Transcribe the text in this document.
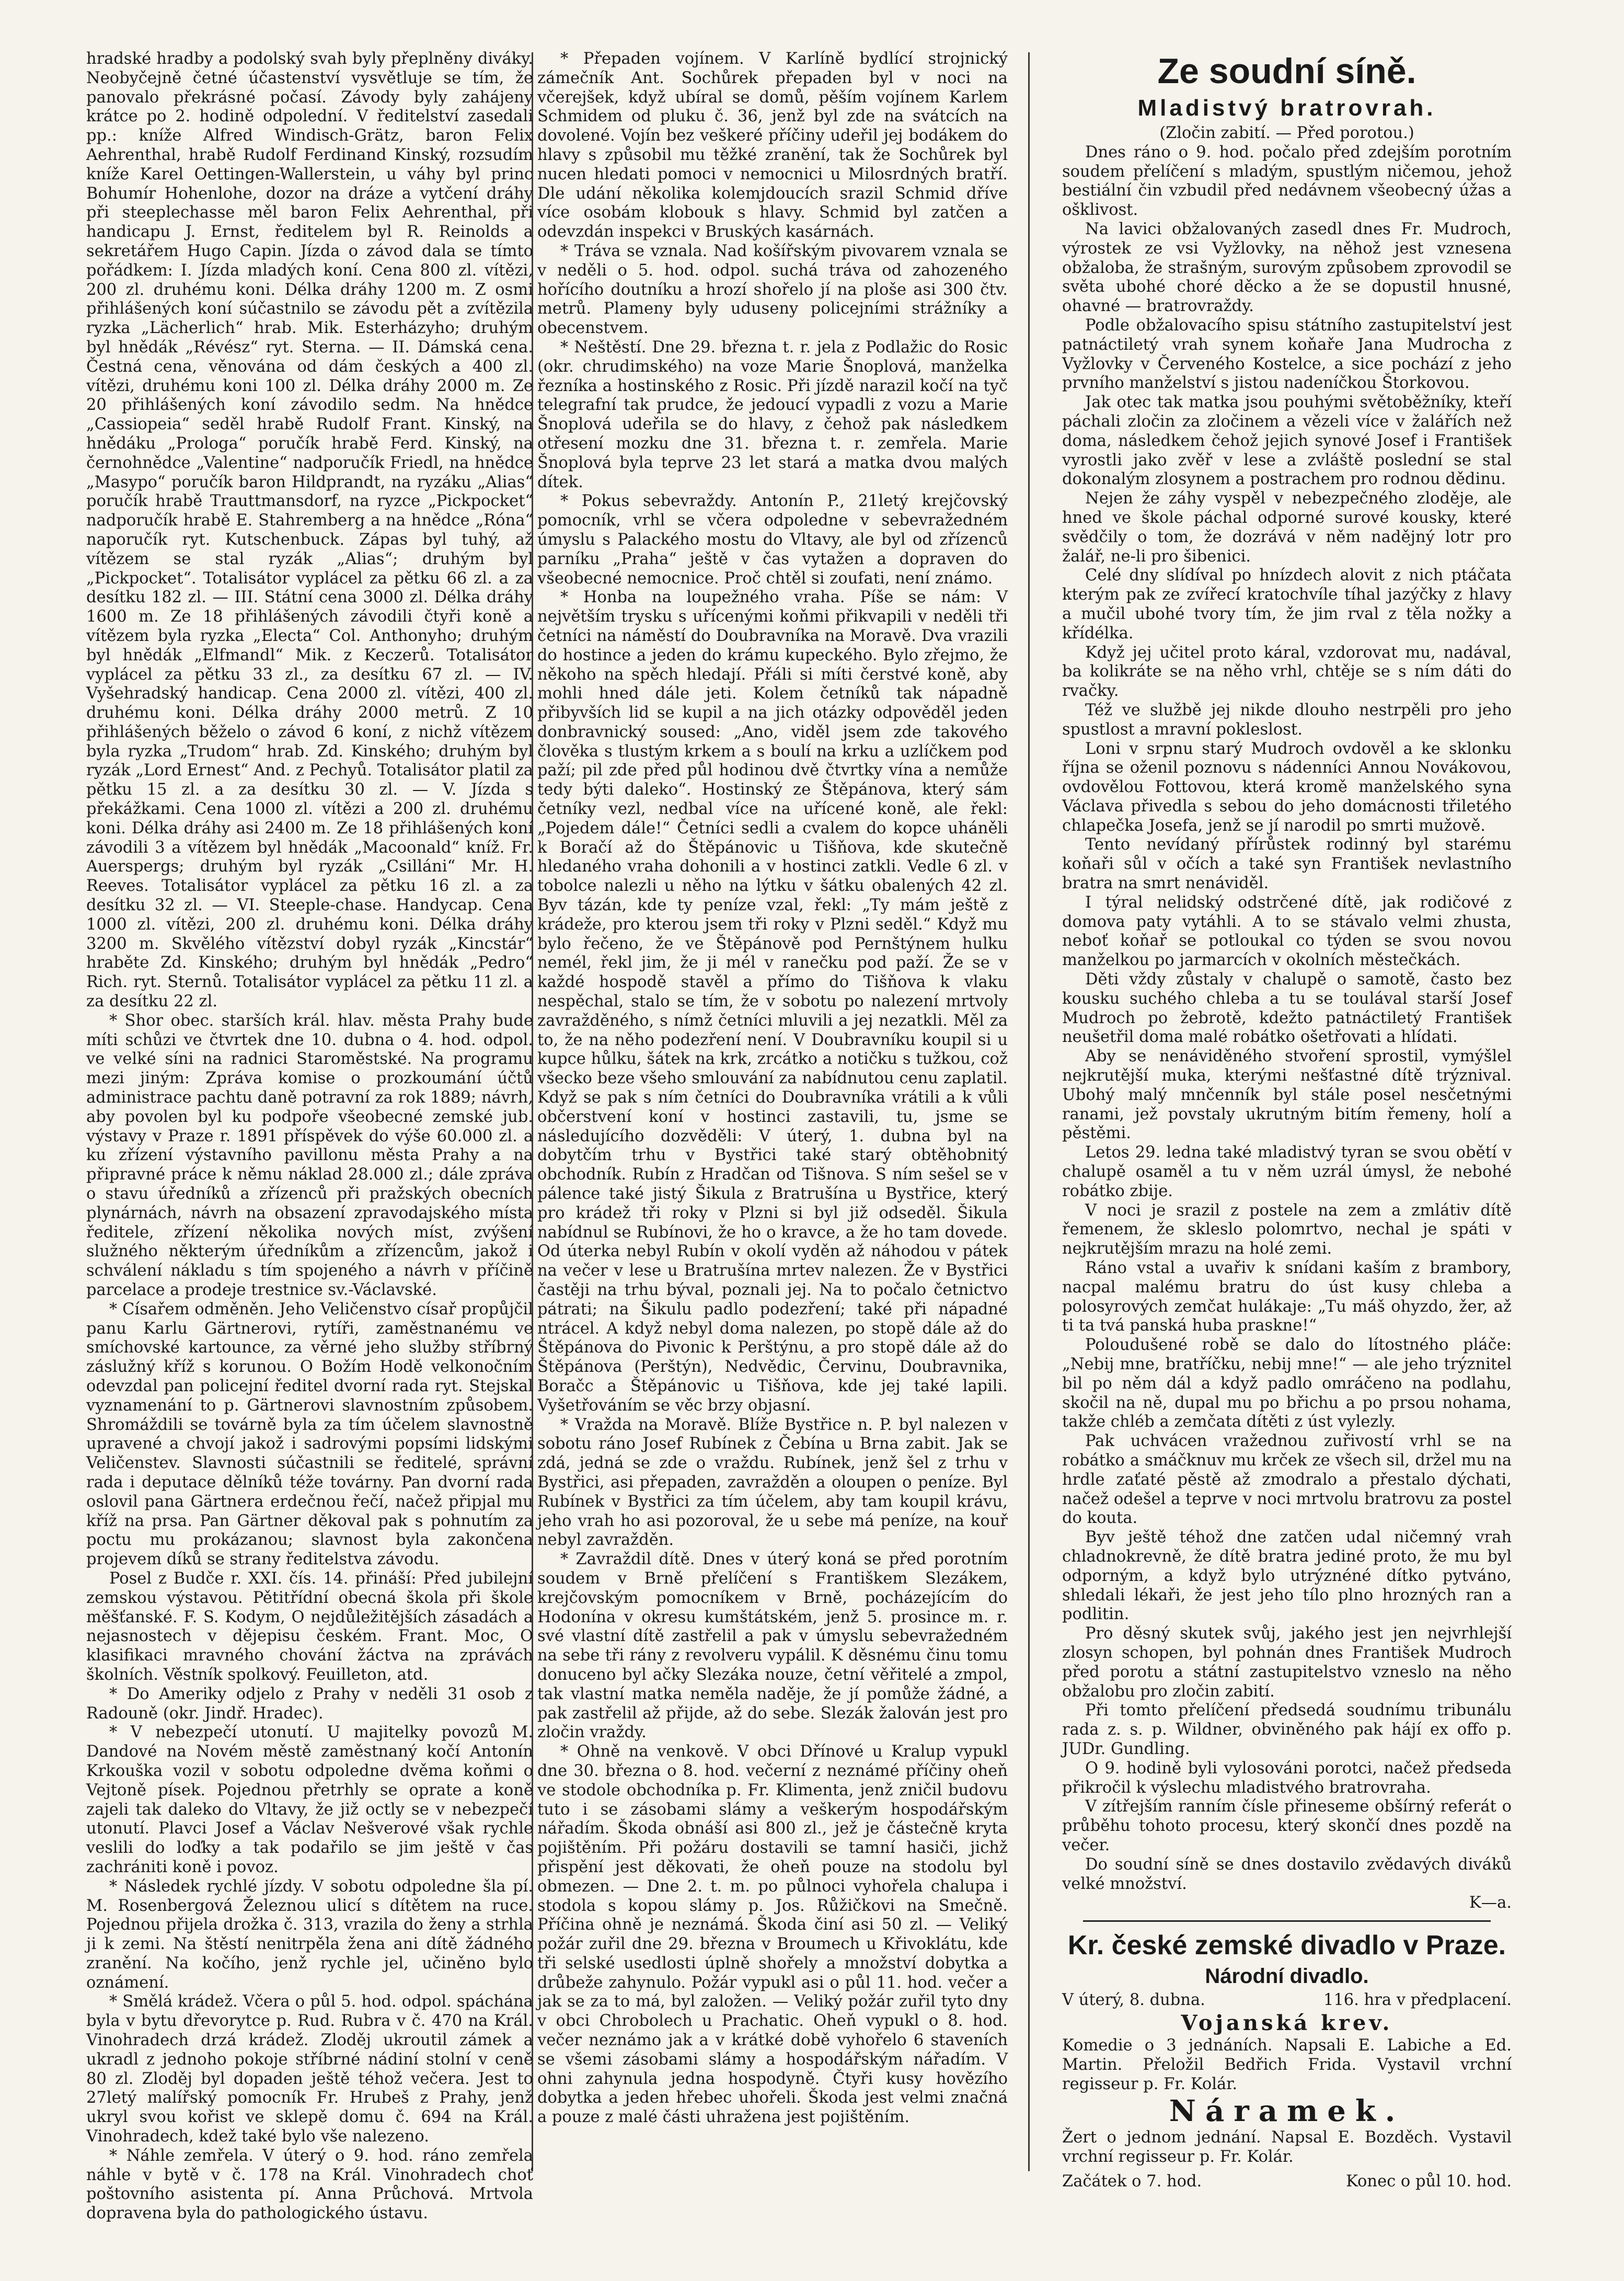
hradské hradby a podolský svah byly přeplněny diváky. Neobyčejně četné účastenství vysvětluje se tím, že panovalo překrásné počasí. Závody byly zahájeny krátce po 2. hodině odpolední. V ředitelství zasedali pp.: kníže Alfred Windisch-Grätz, baron Felix Aehrenthal, hrabě Rudolf Ferdinand Kinský, rozsudím kníže Karel Oettingen-Wallerstein, u váhy byl princ Bohumír Hohenlohe, dozor na dráze a vytčení dráhy při steeplechasse měl baron Felix Aehrenthal, při handicapu J. Ernst, ředitelem byl R. Reinolds a sekretářem Hugo Capin. Jízda o závod dala se tímto pořádkem: I. Jízda mladých koní. Cena 800 zl. vítězi, 200 zl. druhému koni. Délka dráhy 1200 m. Z osmi přihlášených koní súčastnilo se závodu pět a zvítězila ryzka „Lächerlich“ hrab. Mik. Esterházyho; druhým byl hnědák „Révész“ ryt. Sterna. — II. Dámská cena. Čestná cena, věnována od dám českých a 400 zl. vítězi, druhému koni 100 zl. Délka dráhy 2000 m. Ze 20 přihlášených koní závodilo sedm. Na hnědce „Cassiopeia“ seděl hrabě Rudolf Frant. Kinský, na hnědáku „Prologa“ poručík hrabě Ferd. Kinský, na černohnědce „Valentine“ nadporučík Friedl, na hnědce „Masypo“ poručík baron Hildprandt, na ryzáku „Alias“ poručík hrabě Trauttmansdorf, na ryzce „Pickpocket“ nadporučík hrabě E. Stahremberg a na hnědce „Róna“ naporučík ryt. Kutschenbuck. Zápas byl tuhý, až vítězem se stal ryzák „Alias“; druhým byl „Pickpocket“. Totalisátor vyplácel za pětku 66 zl. a za desítku 182 zl. — III. Státní cena 3000 zl. Délka dráhy 1600 m. Ze 18 přihlášených závodili čtyři koně a vítězem byla ryzka „Electa“ Col. Anthonyho; druhým byl hnědák „Elfmandl“ Mik. z Keczerů. Totalisátor vyplácel za pětku 33 zl., za desítku 67 zl. — IV. Vyšehradský handicap. Cena 2000 zl. vítězi, 400 zl. druhému koni. Délka dráhy 2000 metrů. Z 10 přihlášených běželo o závod 6 koní, z nichž vítězem byla ryzka „Trudom“ hrab. Zd. Kinského; druhým byl ryzák „Lord Ernest“ And. z Pechyů. Totalisátor platil za pětku 15 zl. a za desítku 30 zl. — V. Jízda s překážkami. Cena 1000 zl. vítězi a 200 zl. druhému koni. Délka dráhy asi 2400 m. Ze 18 přihlášených koní závodili 3 a vítězem byl hnědák „Macoonald“ kníž. Fr. Auerspergs; druhým byl ryzák „Csilláni“ Mr. H. Reeves. Totalisátor vyplácel za pětku 16 zl. a za desítku 32 zl. — VI. Steeple-chase. Handycap. Cena 1000 zl. vítězi, 200 zl. druhému koni. Délka dráhy 3200 m. Skvělého vítězství dobyl ryzák „Kincstár“ hraběte Zd. Kinského; druhým byl hnědák „Pedro“ Rich. ryt. Sternů. Totalisátor vyplácel za pětku 11 zl. a za desítku 22 zl.

* Shor obec. starších král. hlav. města Prahy bude míti schůzi ve čtvrtek dne 10. dubna o 4. hod. odpol. ve velké síni na radnici Staroměstské. Na programu mezi jiným: Zpráva komise o prozkoumání účtů administrace pachtu daně potravní za rok 1889; návrh, aby povolen byl ku podpoře všeobecné zemské jub. výstavy v Praze r. 1891 příspěvek do výše 60.000 zl. a ku zřízení výstavního pavillonu města Prahy a na připravné práce k němu náklad 28.000 zl.; dále zpráva o stavu úředníků a zřízenců při pražských obecních plynárnách, návrh na obsazení zpravodajského místa ředitele, zřízení několika nových míst, zvýšení služného některým úředníkům a zřízencům, jakož i schválení nákladu s tím spojeného a návrh v příčině parcelace a prodeje trestnice sv.-Václavské.

* Císařem odměněn. Jeho Veličenstvo císař propůjčil panu Karlu Gärtnerovi, rytíři, zaměstnanému ve smíchovské kartounce, za věrné jeho služby stříbrný záslužný kříž s korunou. O Božím Hodě velkonočním odevzdal pan policejní ředitel dvorní rada ryt. Stejskal vyznamenání to p. Gärtnerovi slavnostním způsobem. Shromáždili se továrně byla za tím účelem slavnostně upravené a chvojí jakož i sadrovými popsími lidskými Veličenstev. Slavnosti súčastnili se ředitelé, správní rada i deputace dělníků téže továrny. Pan dvorní rada oslovil pana Gärtnera erdečnou řečí, načež připjal mu kříž na prsa. Pan Gärtner děkoval pak s pohnutím za poctu mu prokázanou; slavnost byla zakončena projevem díků se strany ředitelstva závodu.

Posel z Budče r. XXI. čís. 14. přináší: Před jubilejní zemskou výstavou. Pětitřídní obecná škola při škole měšťanské. F. S. Kodym, O nejdůležitějších zásadách a nejasnostech v dějepisu českém. Frant. Moc, O klasifikaci mravného chování žáctva na zprávách školních. Věstník spolkový. Feuilleton, atd.

* Do Ameriky odjelo z Prahy v neděli 31 osob z Radouně (okr. Jindř. Hradec).

* V nebezpečí utonutí. U majitelky povozů M. Dandové na Novém městě zaměstnaný kočí Antonín Krkouška vozil v sobotu odpoledne dvěma koňmi o Vejtoně písek. Pojednou přetrhly se oprate a koně zajeli tak daleko do Vltavy, že již octly se v nebezpečí utonutí. Plavci Josef a Václav Nešverové však rychle veslili do loďky a tak podařilo se jim ještě v čas zachrániti koně i povoz.

* Následek rychlé jízdy. V sobotu odpoledne šla pí. M. Rosenbergová Železnou ulicí s dítětem na ruce. Pojednou přijela drožka č. 313, vrazila do ženy a strhla ji k zemi. Na štěstí nenitrpěla žena ani dítě žádného zranění. Na kočího, jenž rychle jel, učiněno bylo oznámení.

* Smělá krádež. Včera o půl 5. hod. odpol. spáchána byla v bytu dřevorytce p. Rud. Rubra v č. 470 na Král. Vinohradech drzá krádež. Zloděj ukroutil zámek a ukradl z jednoho pokoje stříbrné nádiní stolní v ceně 80 zl. Zloděj byl dopaden ještě téhož večera. Jest to 27letý malířský pomocník Fr. Hrubeš z Prahy, jenž ukryl svou kořist ve sklepě domu č. 694 na Král. Vinohradech, kdež také bylo vše nalezeno.

* Náhle zemřela. V úterý o 9. hod. ráno zemřela náhle v bytě v č. 178 na Král. Vinohradech choť poštovního asistenta pí. Anna Průchová. Mrtvola dopravena byla do pathologického ústavu.

* Přepaden vojínem. V Karlíně bydlící strojnický zámečník Ant. Sochůrek přepaden byl v noci na včerejšek, když ubíral se domů, pěším vojínem Karlem Schmidem od pluku č. 36, jenž byl zde na svátcích na dovolené. Vojín bez veškeré příčiny udeřil jej bodákem do hlavy s způsobil mu těžké zranění, tak že Sochůrek byl nucen hledati pomoci v nemocnici u Milosrdných bratří. Dle udání několika kolemjdoucích srazil Schmid dříve více osobám klobouk s hlavy. Schmid byl zatčen a odevzdán inspekci v Bruských kasárnách.

* Tráva se vznala. Nad košířským pivovarem vznala se v neděli o 5. hod. odpol. suchá tráva od zahozeného hořícího doutníku a hrozí shořelo jí na ploše asi 300 čtv. metrů. Plameny byly uduseny policejními strážníky a obecenstvem.

* Neštěstí. Dne 29. března t. r. jela z Podlažic do Rosic (okr. chrudimského) na voze Marie Šnoplová, manželka řezníka a hostinského z Rosic. Při jízdě narazil kočí na tyč telegrafní tak prudce, že jedoucí vypadli z vozu a Marie Šnoplová udeřila se do hlavy, z čehož pak následkem otřesení mozku dne 31. března t. r. zemřela. Marie Šnoplová byla teprve 23 let stará a matka dvou malých dítek.

* Pokus sebevraždy. Antonín P., 21letý krejčovský pomocník, vrhl se včera odpoledne v sebevražedném úmyslu s Palackého mostu do Vltavy, ale byl od zřízenců parníku „Praha“ ještě v čas vytažen a dopraven do všeobecné nemocnice. Proč chtěl si zoufati, není známo.

* Honba na loupežného vraha. Píše se nám: V největším trysku s uřícenými koňmi přikvapili v neděli tři četníci na náměstí do Doubravníka na Moravě. Dva vrazili do hostince a jeden do krámu kupeckého. Bylo zřejmo, že někoho na spěch hledají. Přáli si míti čerstvé koně, aby mohli hned dále jeti. Kolem četníků tak nápadně přibyvších lid se kupil a na jich otázky odpověděl jeden donbravnický soused: „Ano, viděl jsem zde takového člověka s tlustým krkem a s boulí na krku a uzlíčkem pod paží; pil zde před půl hodinou dvě čtvrtky vína a nemůže tedy býti daleko“. Hostinský ze Štěpánova, který sám četníky vezl, nedbal více na uřícené koně, ale řekl: „Pojedem dále!“ Četníci sedli a cvalem do kopce uháněli k Boračí až do Štěpánovic u Tišňova, kde skutečně hledaného vraha dohonili a v hostinci zatkli. Vedle 6 zl. v tobolce nalezli u něho na lýtku v šátku obalených 42 zl. Byv tázán, kde ty peníze vzal, řekl: „Ty mám ještě z krádeže, pro kterou jsem tři roky v Plzni seděl.“ Když mu bylo řečeno, že ve Štěpánově pod Pernštýnem hulku nemél, řekl jim, že ji mél v ranečku pod paží. Že se v každé hospodě stavěl a přímo do Tišňova k vlaku nespěchal, stalo se tím, že v sobotu po nalezení mrtvoly zavražděného, s nímž četníci mluvili a jej nezatkli. Měl za to, že na něho podezření není. V Doubravníku koupil si u kupce hůlku, šátek na krk, zrcátko a notičku s tužkou, což všecko beze všeho smlouvání za nabídnutou cenu zaplatil. Když se pak s ním četníci do Doubravníka vrátili a k vůli občerstvení koní v hostinci zastavili, tu, jsme se následujícího dozvěděli: V úterý, 1. dubna byl na dobytčím trhu v Bystřici také starý obtěhobnitý obchodník. Rubín z Hradčan od Tišnova. S ním sešel se v pálence také jistý Šikula z Bratrušína u Bystřice, který pro krádež tři roky v Plzni si byl již odseděl. Šikula nabídnul se Rubínovi, že ho o kravce, a že ho tam dovede. Od úterka nebyl Rubín v okolí vyděn až náhodou v pátek na večer v lese u Bratrušína mrtev nalezen. Že v Bystřici častěji na trhu býval, poznali jej. Na to počalo četnictvo pátrati; na Šikulu padlo podezření; také při nápadné ntrácel. A když nebyl doma nalezen, po stopě dále až do Štěpánova do Pivonic k Perštýnu, a pro stopě dále až do Štěpánova (Perštýn), Nedvědic, Červinu, Doubravnika, Boračc a Štěpánovic u Tišňova, kde jej také lapili. Vyšetřováním se věc brzy objasní.

* Vražda na Moravě. Blíže Bystřice n. P. byl nalezen v sobotu ráno Josef Rubínek z Čebína u Brna zabit. Jak se zdá, jedná se zde o vraždu. Rubínek, jenž šel z trhu v Bystřici, asi přepaden, zavražděn a oloupen o peníze. Byl Rubínek v Bystřici za tím účelem, aby tam koupil krávu, jeho vrah ho asi pozoroval, že u sebe má peníze, na kouř nebyl zavražděn.

* Zavraždil dítě. Dnes v úterý koná se před porotním soudem v Brně přelíčení s Františkem Slezákem, krejčovským pomocníkem v Brně, pocházejícím do Hodonína v okresu kumštátském, jenž 5. prosince m. r. své vlastní dítě zastřelil a pak v úmyslu sebevražedném na sebe tři rány z revolveru vypálil. K děsnému činu tomu donuceno byl ačky Slezáka nouze, četní věřitelé a zmpol, tak vlastní matka neměla naděje, že jí pomůže žádné, a pak zastřelil až přijde, až do sebe. Slezák žalován jest pro zločin vraždy.

* Ohně na venkově. V obci Dřínové u Kralup vypukl dne 30. března o 8. hod. večerní z neznámé příčiny oheň ve stodole obchodníka p. Fr. Klimenta, jenž zničil budovu tuto i se zásobami slámy a veškerým hospodářským nářadím. Škoda obnáší asi 800 zl., jež je částečně kryta pojištěním. Při požáru dostavili se tamní hasiči, jichž přispění jest děkovati, že oheň pouze na stodolu byl obmezen. — Dne 2. t. m. po půlnoci vyhořela chalupa i stodola s kopou slámy p. Jos. Růžičkovi na Smečně. Příčina ohně je neznámá. Škoda činí asi 50 zl. — Veliký požár zuřil dne 29. března v Broumech u Křivoklátu, kde tři selské usedlosti úplně shořely a množství dobytka a drůbeže zahynulo. Požár vypukl asi o půl 11. hod. večer a jak se za to má, byl založen. — Veliký požár zuřil tyto dny v obci Chrobolech u Prachatic. Oheň vypukl o 8. hod. večer neznámo jak a v krátké době vyhořelo 6 staveních se všemi zásobami slámy a hospodářským nářadím. V ohni zahynula jedna hospodyně. Čtyři kusy hovězího dobytka a jeden hřebec uhořeli. Škoda jest velmi značná a pouze z malé části uhražena jest pojištěním.

Ze soudní síně.
Mladistvý bratrovrah.

(Zločin zabití. — Před porotou.)

Dnes ráno o 9. hod. počalo před zdejším porotním soudem přelíčení s mladým, spustlým ničemou, jehož bestiální čin vzbudil před nedávnem všeobecný úžas a ošklivost.

Na lavici obžalovaných zasedl dnes Fr. Mudroch, výrostek ze vsi Vyžlovky, na něhož jest vznesena obžaloba, že strašným, surovým způsobem zprovodil se světa ubohé choré děcko a že se dopustil hnusné, ohavné — bratrovraždy.

Podle obžalovacího spisu státního zastupitelství jest patnáctiletý vrah synem koňaře Jana Mudrocha z Vyžlovky v Červeného Kostelce, a sice pochází z jeho prvního manželství s jistou nadeníčkou Štorkovou.

Jak otec tak matka jsou pouhými světoběžníky, kteří páchali zločin za zločinem a vězeli více v žalářích než doma, následkem čehož jejich synové Josef i František vyrostli jako zvěř v lese a zvláště poslední se stal dokonalým zlosynem a postrachem pro rodnou dědinu.

Nejen že záhy vyspěl v nebezpečného zloděje, ale hned ve škole páchal odporné surové kousky, které svědčily o tom, že dozrává v něm nadějný lotr pro žalář, ne-li pro šibenici.

Celé dny slídíval po hnízdech alovit z nich ptáčata kterým pak ze zvířecí kratochvíle tíhal jazýčky z hlavy a mučil ubohé tvory tím, že jim rval z těla nožky a křídélka.

Když jej učitel proto káral, vzdorovat mu, nadával, ba kolikráte se na něho vrhl, chtěje se s ním dáti do rvačky.

Též ve službě jej nikde dlouho nestrpěli pro jeho spustlost a mravní pokleslost.

Loni v srpnu starý Mudroch ovdověl a ke sklonku října se oženil poznovu s nádenníci Annou Novákovou, ovdovělou Fottovou, která kromě manželského syna Václava přivedla s sebou do jeho domácnosti třiletého chlapečka Josefa, jenž se jí narodil po smrti mužově.

Tento nevídaný přírůstek rodinný byl starému koňaři sůl v očích a také syn František nevlastního bratra na smrt nenáviděl.

I týral nelidský odstrčené dítě, jak rodičové z domova paty vytáhli. A to se stávalo velmi zhusta, neboť koňař se potloukal co týden se svou novou manželkou po jarmarcích v okolních městečkách.

Děti vždy zůstaly v chalupě o samotě, často bez kousku suchého chleba a tu se toulával starší Josef Mudroch po žebrotě, kdežto patnáctiletý František neušetřil doma malé robátko ošetřovati a hlídati.

Aby se nenáviděného stvoření sprostil, vymýšlel nejkrutější muka, kterými nešťastné dítě trýznival. Ubohý malý mnčenník byl stále posel nesčetnými ranami, jež povstaly ukrutným bitím řemeny, holí a pěstěmi.

Letos 29. ledna také mladistvý tyran se svou obětí v chalupě osaměl a tu v něm uzrál úmysl, že nebohé robátko zbije.

V noci je srazil z postele na zem a zmlátiv dítě řemenem, že skleslo polomrtvo, nechal je spáti v nejkrutějším mrazu na holé zemi.

Ráno vstal a uvařiv k snídani kaším z brambory, nacpal malému bratru do úst kusy chleba a polosyrových zemčat hulákaje: „Tu máš ohyzdo, žer, až ti ta tvá panská huba praskne!“

Poloudušené robě se dalo do lítostného pláče: „Nebij mne, bratříčku, nebij mne!“ — ale jeho trýznitel bil po něm dál a když padlo omráčeno na podlahu, skočil na ně, dupal mu po břichu a po prsou nohama, takže chléb a zemčata dítěti z úst vylezly.

Pak uchvácen vražednou zuřivostí vrhl se na robátko a smáčknuv mu krček ze všech sil, držel mu na hrdle zaťaté pěstě až zmodralo a přestalo dýchati, načež odešel a teprve v noci mrtvolu bratrovu za postel do kouta.

Byv ještě téhož dne zatčen udal ničemný vrah chladnokrevně, že dítě bratra jediné proto, že mu byl odporným, a když bylo utrýznéné dítko pytváno, shledali lékaři, že jest jeho tílo plno hrozných ran a podlitin.

Pro děsný skutek svůj, jakého jest jen nejvrhlejší zlosyn schopen, byl pohnán dnes František Mudroch před porotu a státní zastupitelstvo vzneslo na něho obžalobu pro zločin zabití.

Při tomto přelíčení předsedá soudnímu tribunálu rada z. s. p. Wildner, obviněného pak hájí ex offo p. JUDr. Gundling.

O 9. hodině byli vylosováni porotci, načež předseda přikročil k výslechu mladistvého bratrovraha.

V zítřejším ranním čísle přineseme obšírný referát o průběhu tohoto procesu, který skončí dnes pozdě na večer.

Do soudní síně se dnes dostavilo zvědavých diváků velké množství.

K—a.

Kr. české zemské divadlo v Praze.
Národní divadlo.
V úterý, 8. dubna.	116. hra v předplacení.

Vojanská krev.

Komedie o 3 jednáních. Napsali E. Labiche a Ed. Martin. Přeložil Bedřich Frida. Vystavil vrchní regisseur p. Fr. Kolár.

Náramek.

Žert o jednom jednání. Napsal E. Bozděch. Vystavil vrchní regisseur p. Fr. Kolár.

Začátek o 7. hod.	Konec o půl 10. hod.
